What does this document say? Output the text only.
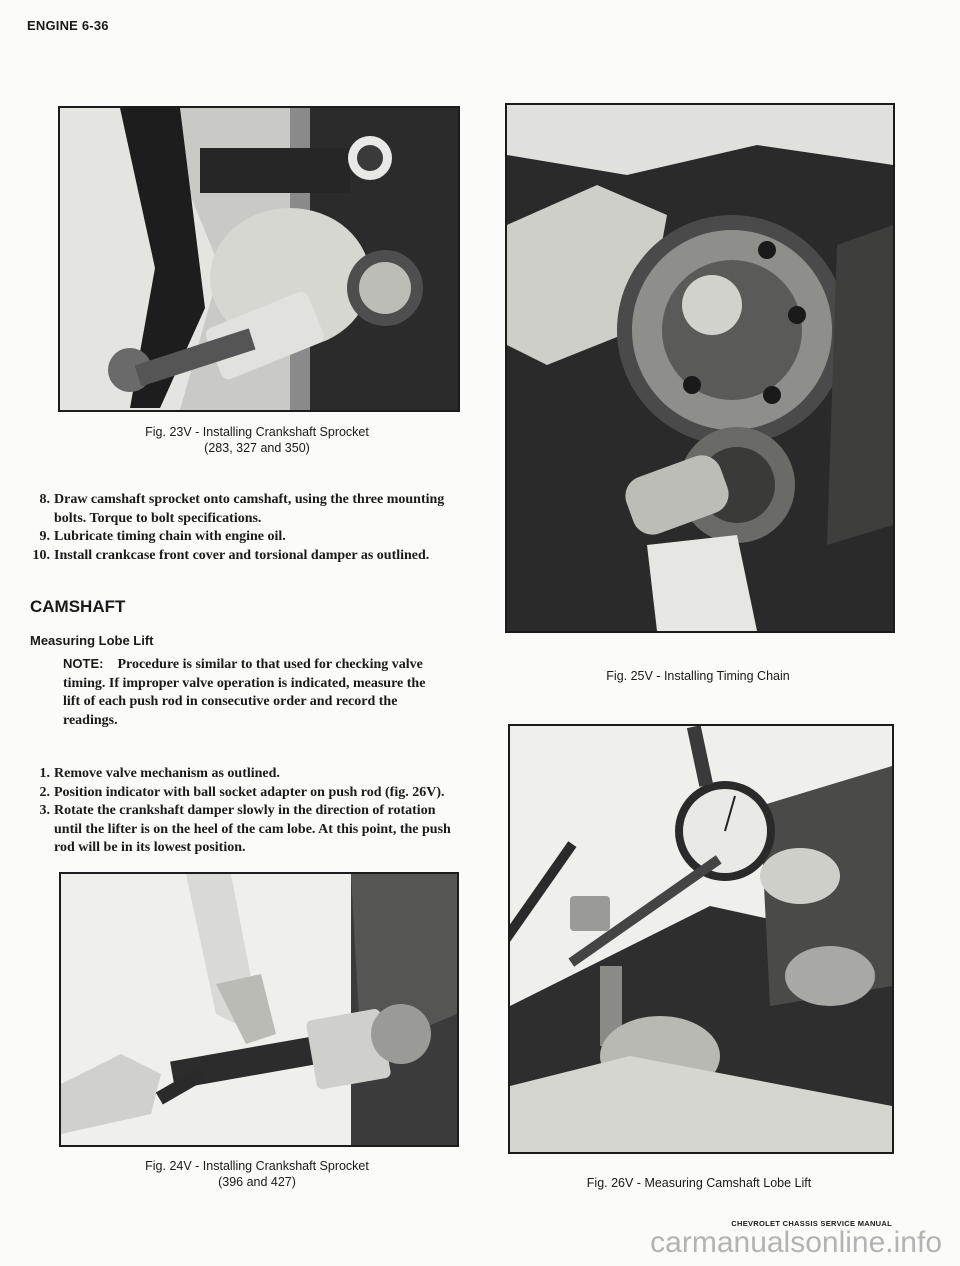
ENGINE 6-36
Fig. 23V - Installing Crankshaft Sprocket
(283, 327 and 350)

8. Draw camshaft sprocket onto camshaft, using the three mounting bolts. Torque to bolt specifications.

9. Lubricate timing chain with engine oil.

10. Install crankcase front cover and torsional damper as outlined.

CAMSHAFT
Measuring Lobe Lift
NOTE: Procedure is similar to that used for checking valve timing. If improper valve operation is indicated, measure the lift of each push rod in consecutive order and record the readings.

1. Remove valve mechanism as outlined.

2. Position indicator with ball socket adapter on push rod (fig. 26V).

3. Rotate the crankshaft damper slowly in the direction of rotation until the lifter is on the heel of the cam lobe. At this point, the push rod will be in its lowest position.

Fig. 25V - Installing Timing Chain
Fig. 24V - Installing Crankshaft Sprocket
(396 and 427)	Fig. 26V - Measuring Camshaft Lobe Lift
CHEVROLET CHASSIS SERVICE MANUAL
carmanualsonline.info
